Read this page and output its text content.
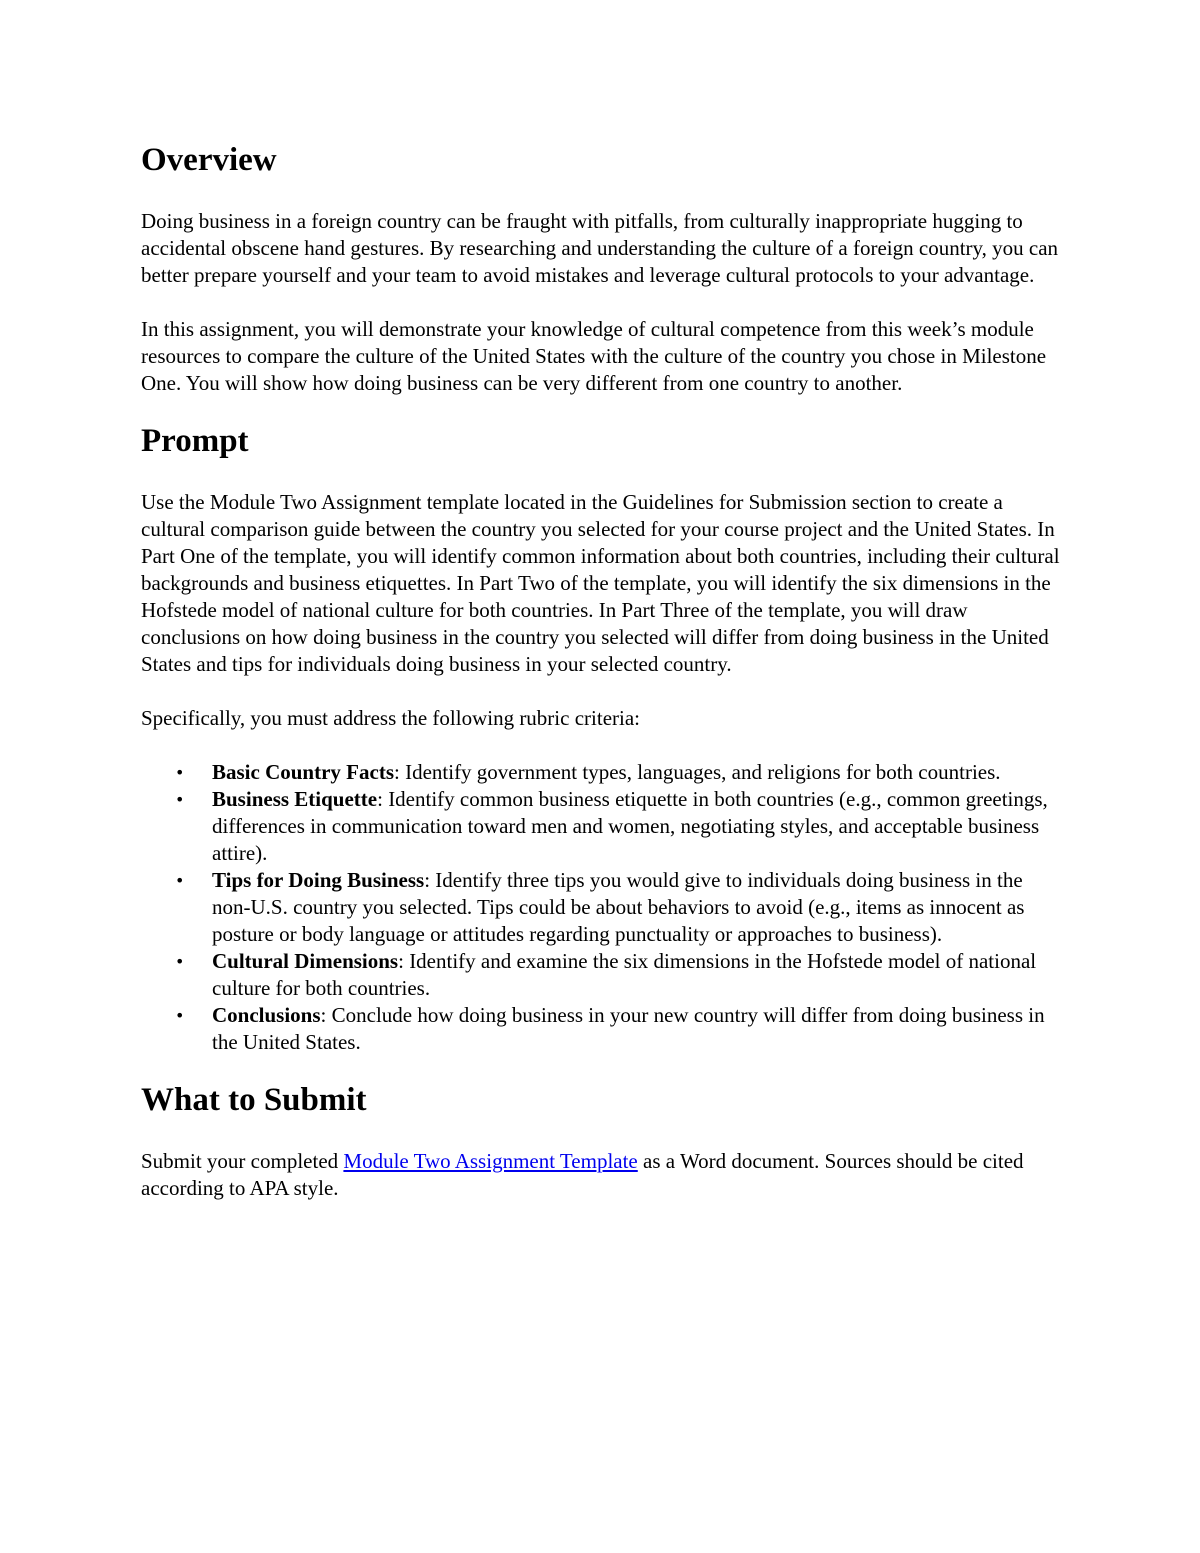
Overview

Doing business in a foreign country can be fraught with pitfalls, from culturally inappropriate hugging to accidental obscene hand gestures. By researching and understanding the culture of a foreign country, you can better prepare yourself and your team to avoid mistakes and leverage cultural protocols to your advantage.

In this assignment, you will demonstrate your knowledge of cultural competence from this week’s module resources to compare the culture of the United States with the culture of the country you chose in Milestone One. You will show how doing business can be very different from one country to another.

Prompt

Use the Module Two Assignment template located in the Guidelines for Submission section to create a cultural comparison guide between the country you selected for your course project and the United States. In Part One of the template, you will identify common information about both countries, including their cultural backgrounds and business etiquettes. In Part Two of the template, you will identify the six dimensions in the Hofstede model of national culture for both countries. In Part Three of the template, you will draw conclusions on how doing business in the country you selected will differ from doing business in the United States and tips for individuals doing business in your selected country.

Specifically, you must address the following rubric criteria:

• Basic Country Facts: Identify government types, languages, and religions for both countries.
• Business Etiquette: Identify common business etiquette in both countries (e.g., common greetings, differences in communication toward men and women, negotiating styles, and acceptable business attire).
• Tips for Doing Business: Identify three tips you would give to individuals doing business in the non-U.S. country you selected. Tips could be about behaviors to avoid (e.g., items as innocent as posture or body language or attitudes regarding punctuality or approaches to business).
• Cultural Dimensions: Identify and examine the six dimensions in the Hofstede model of national culture for both countries.
• Conclusions: Conclude how doing business in your new country will differ from doing business in the United States.
What to Submit

Submit your completed Module Two Assignment Template as a Word document. Sources should be cited according to APA style.
